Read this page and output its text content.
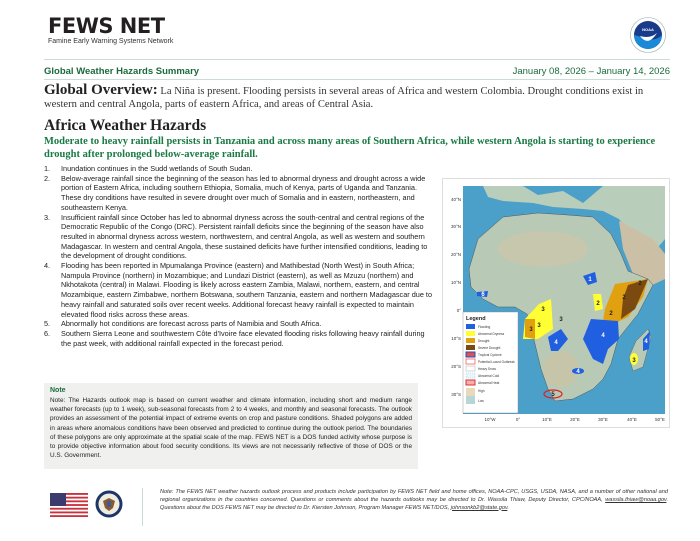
FEWS NET
Famine Early Warning Systems Network
NOAA
Global Weather Hazards Summary	January 08, 2026 – January 14, 2026
Global Overview: La Niña is present. Flooding persists in several areas of Africa and western Colombia. Drought conditions exist in western and central Angola, parts of eastern Africa, and areas of Central Asia.
Africa Weather Hazards
Moderate to heavy rainfall persists in Tanzania and across many areas of Southern Africa, while western Angola is starting to experience drought after prolonged below-average rainfall.
1.	Inundation continues in the Sudd wetlands of South Sudan.
2.	Below-average rainfall since the beginning of the season has led to abnormal dryness and drought across a wide portion of Eastern Africa, including southern Ethiopia, Somalia, much of Kenya, parts of Uganda and Tanzania. These dry conditions have resulted in severe drought over much of Somalia and in eastern, northeastern, and southeastern Kenya.
3.	Insufficient rainfall since October has led to abnormal dryness across the south-central and central regions of the Democratic Republic of the Congo (DRC). Persistent rainfall deficits since the beginning of the season have also resulted in abnormal dryness across western, northwestern, and central Angola, as well as western and southern Madagascar. In western and central Angola, these sustained deficits have further intensified conditions, leading to the development of drought conditions.
4.	Flooding has been reported in Mpumalanga Province (eastern) and Mathibestad (North West) in South Africa; Nampula Province (northern) in Mozambique; and Lundazi District (eastern), as well as Mzuzu (northern) and Nkhotakota (central) in Malawi. Flooding is likely across eastern Zambia, Malawi, northern, eastern, and central Mozambique, eastern Zimbabwe, northern Botswana, southern Tanzania, eastern and northern Madagascar due to heavy rainfall and saturated soils over recent weeks. Additional forecast heavy rainfall is expected to maintain elevated flood risks across these areas.
5.	Abnormally hot conditions are forecast across parts of Namibia and South Africa.
6.	Southern Sierra Leone and southwestern Côte d'Ivoire face elevated flooding risks following heavy rainfall during the past week, with additional rainfall expected in the forecast period.
Note
Note: The Hazards outlook map is based on current weather and climate information, including short and medium range weather forecasts (up to 1 week), sub-seasonal forecasts from 2 to 4 weeks, and monthly and seasonal forecasts. The outlook provides an assessment of the potential impact of extreme events on crop and pasture conditions. Shaded polygons are added in areas where anomalous conditions have been observed and predicted to continue during the outlook period. The boundaries of these polygons are only approximate at the spatial scale of the map. FEWS NET is a DOS funded activity whose purpose is to provide objective information about food security conditions. Its views are not necessarily reflective of those of DOS or the U.S. Government.
1
2
2
2
2
3
3
3
3
3
4
4
4
4
5
6
40°N
30°N
20°N
10°N
0°
10°S
20°S
30°S
10°W	0°	10°E	20°E	30°E	40°E	50°E
Legend
Flooding
Abnormal Dryness
Drought
Severe Drought
Tropical Cyclone
Potential Locust Outbreak
Heavy Snow
Abnormal Cold
Abnormal Heat
High
Low
Note: The FEWS NET weather hazards outlook process and products include participation by FEWS NET field and home offices, NOAA-CPC, USGS, USDA, NASA, and a number of other national and regional organizations in the countries concerned. Questions or comments about the hazards outlooks may be directed to Dr. Wassila Thiaw, Deputy Director, CPC/NOAA, wassila.thiaw@noaa.gov. Questions about the DOS FEWS NET may be directed to Dr. Kiersten Johnson, Program Manager FEWS NET/DOS, johnsonkb2@state.gov.
